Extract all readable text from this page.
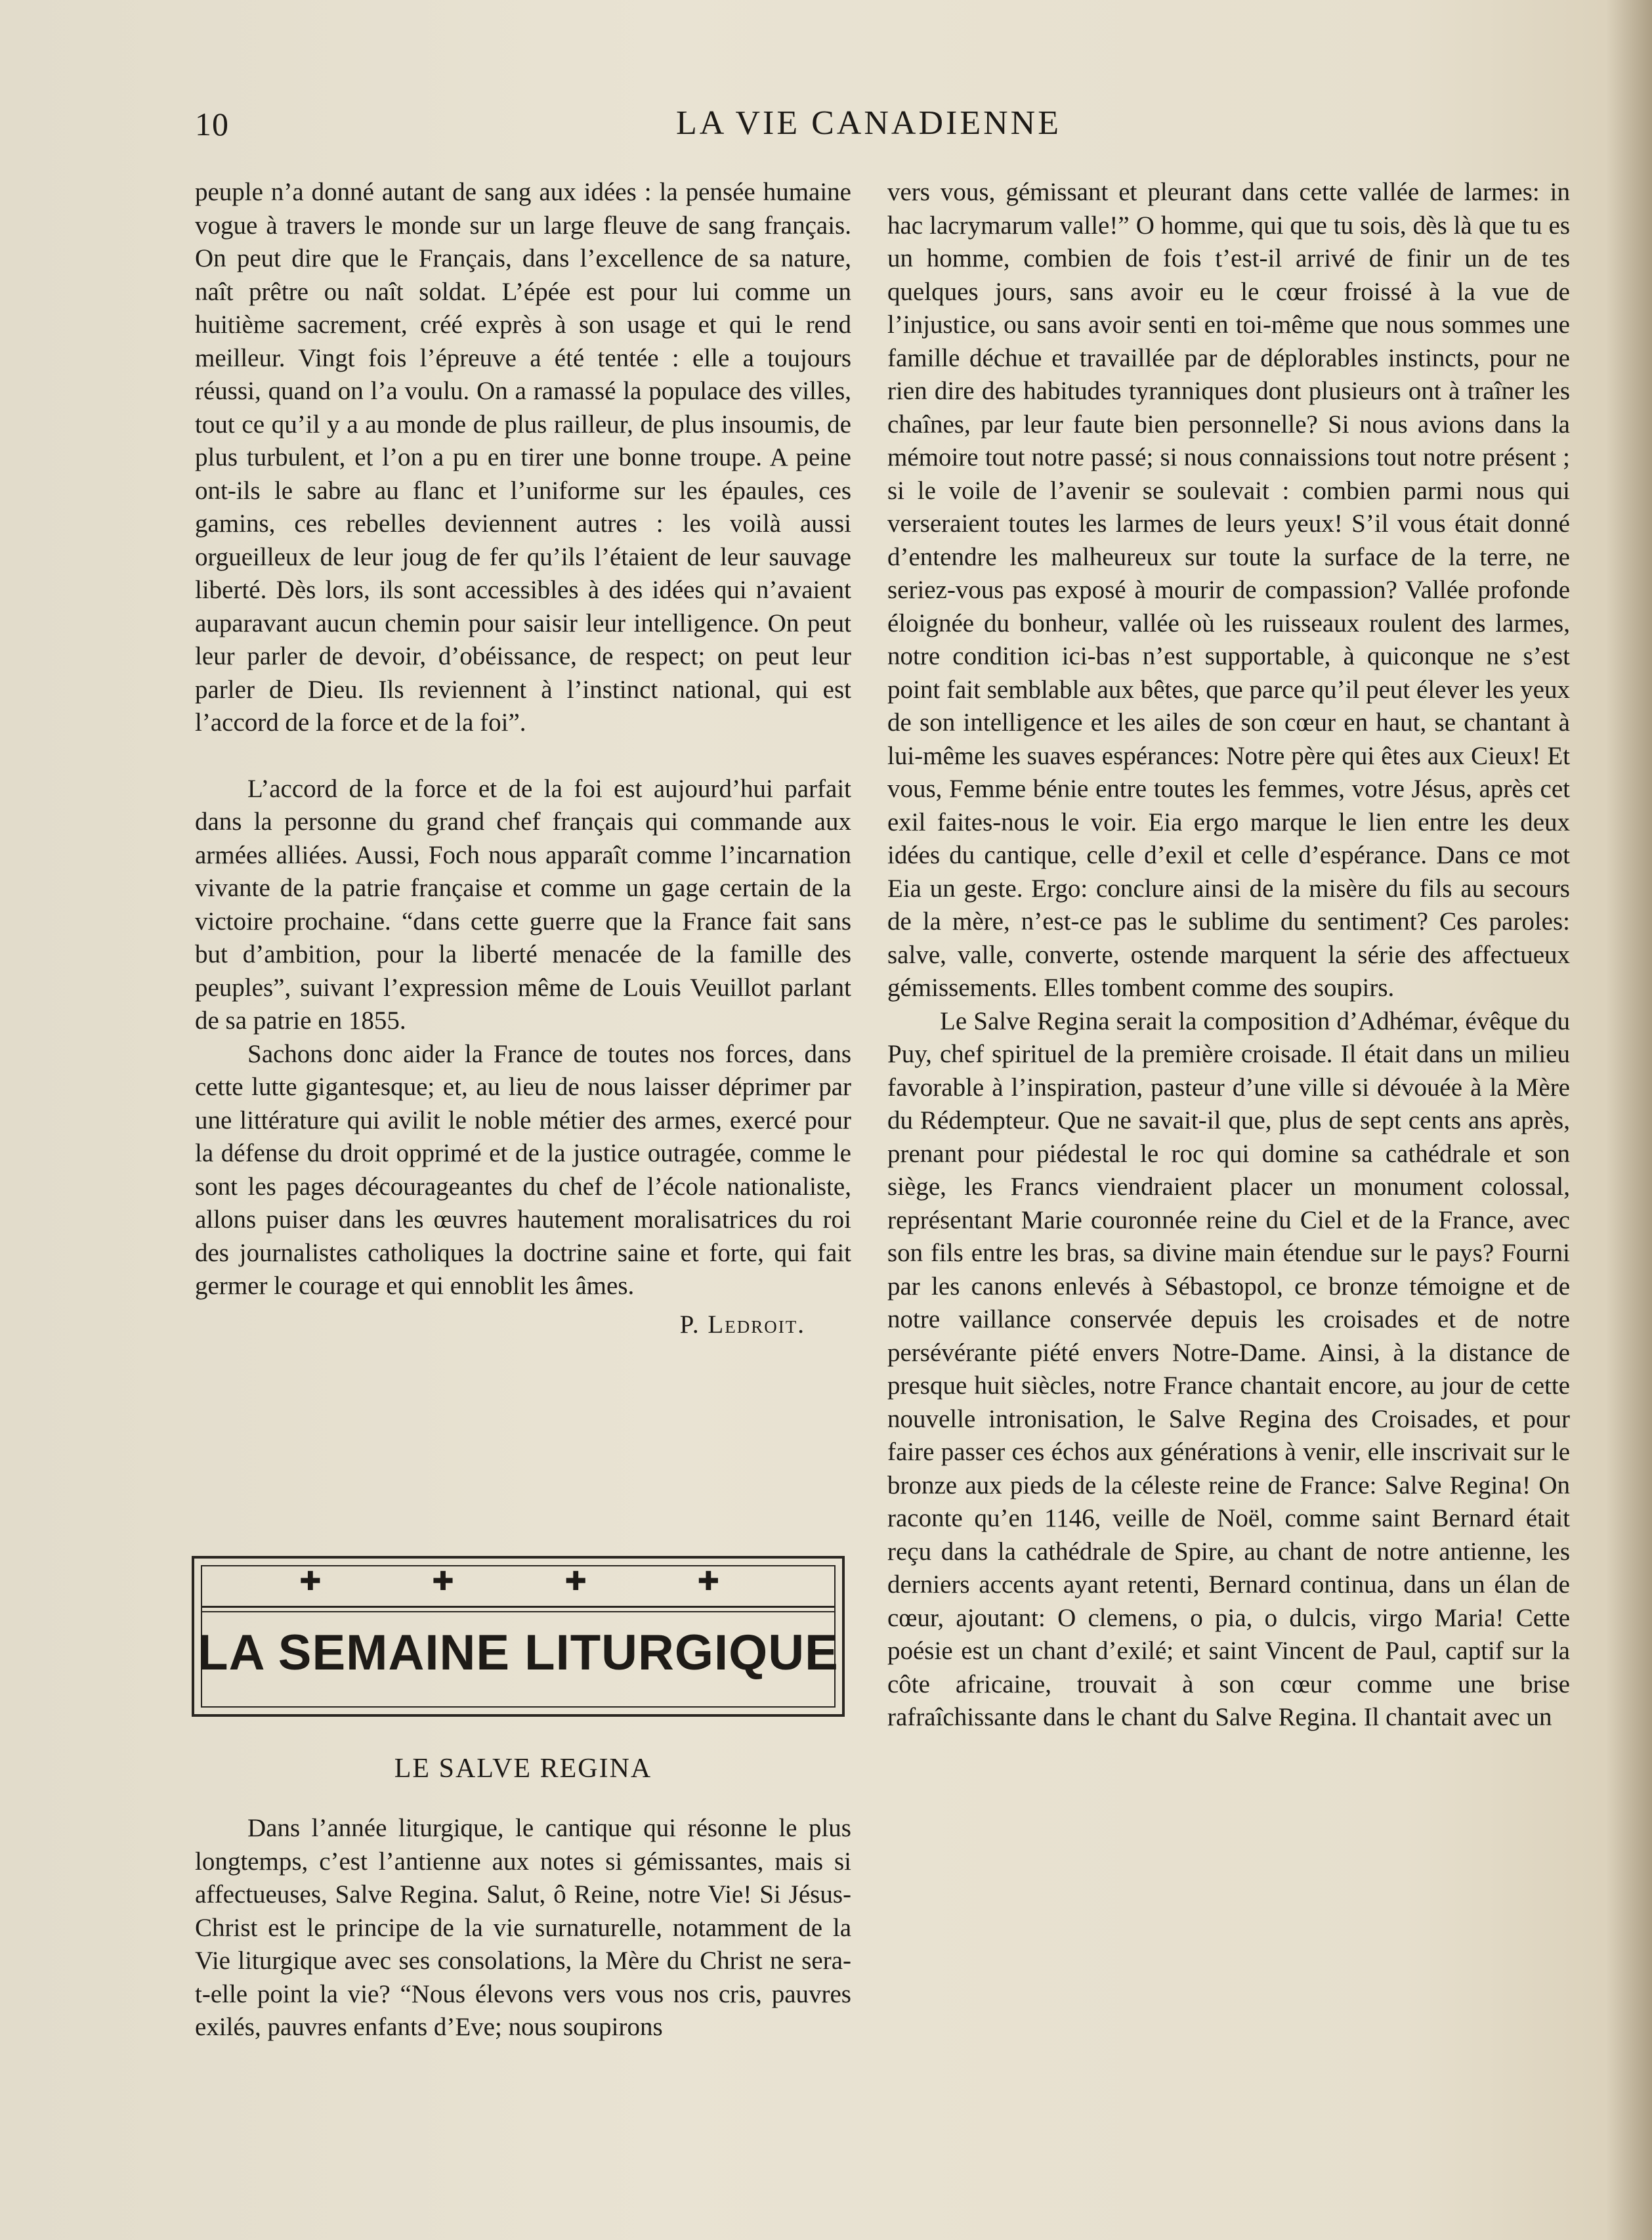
10	LA VIE CANADIENNE

peuple n’a donné autant de sang aux idées : la pensée humaine vogue à travers le monde sur un large fleuve de sang français. On peut dire que le Français, dans l’excellence de sa nature, naît prêtre ou naît soldat. L’épée est pour lui comme un huitième sacrement, créé exprès à son usage et qui le rend meilleur. Vingt fois l’épreuve a été tentée : elle a toujours réussi, quand on l’a voulu. On a ramassé la populace des villes, tout ce qu’il y a au monde de plus railleur, de plus insoumis, de plus turbulent, et l’on a pu en tirer une bonne troupe. A peine ont-ils le sabre au flanc et l’uniforme sur les épaules, ces gamins, ces rebelles deviennent autres : les voilà aussi orgueilleux de leur joug de fer qu’ils l’étaient de leur sauvage liberté. Dès lors, ils sont accessibles à des idées qui n’avaient auparavant aucun chemin pour saisir leur intelligence. On peut leur parler de devoir, d’obéissance, de respect; on peut leur parler de Dieu. Ils reviennent à l’instinct national, qui est l’accord de la force et de la foi”.

L’accord de la force et de la foi est aujourd’hui parfait dans la personne du grand chef français qui commande aux armées alliées. Aussi, Foch nous apparaît comme l’incarnation vivante de la patrie française et comme un gage certain de la victoire prochaine. “dans cette guerre que la France fait sans but d’ambition, pour la liberté menacée de la famille des peuples”, suivant l’expression même de Louis Veuillot parlant de sa patrie en 1855.

Sachons donc aider la France de toutes nos forces, dans cette lutte gigantesque; et, au lieu de nous laisser déprimer par une littérature qui avilit le noble métier des armes, exercé pour la défense du droit opprimé et de la justice outragée, comme le sont les pages décourageantes du chef de l’école nationaliste, allons puiser dans les œuvres hautement moralisatrices du roi des journalistes catholiques la doctrine saine et forte, qui fait germer le courage et qui ennoblit les âmes.

P. Ledroit.

✚	✚	✚	✚
LA SEMAINE LITURGIQUE
LE SALVE REGINA

Dans l’année liturgique, le cantique qui résonne le plus longtemps, c’est l’antienne aux notes si gémissantes, mais si affectueuses, Salve Regina. Salut, ô Reine, notre Vie! Si Jésus-Christ est le principe de la vie surnaturelle, notamment de la Vie liturgique avec ses consolations, la Mère du Christ ne sera-t-elle point la vie? “Nous élevons vers vous nos cris, pauvres exilés, pauvres enfants d’Eve; nous soupirons

vers vous, gémissant et pleurant dans cette vallée de larmes: in hac lacrymarum valle!” O homme, qui que tu sois, dès là que tu es un homme, combien de fois t’est-il arrivé de finir un de tes quelques jours, sans avoir eu le cœur froissé à la vue de l’injustice, ou sans avoir senti en toi-même que nous sommes une famille déchue et travaillée par de déplorables instincts, pour ne rien dire des habitudes tyranniques dont plusieurs ont à traîner les chaînes, par leur faute bien personnelle? Si nous avions dans la mémoire tout notre passé; si nous connaissions tout notre présent ; si le voile de l’avenir se soulevait : combien parmi nous qui verseraient toutes les larmes de leurs yeux! S’il vous était donné d’entendre les malheureux sur toute la surface de la terre, ne seriez-vous pas exposé à mourir de compassion? Vallée profonde éloignée du bonheur, vallée où les ruisseaux roulent des larmes, notre condition ici-bas n’est supportable, à quiconque ne s’est point fait semblable aux bêtes, que parce qu’il peut élever les yeux de son intelligence et les ailes de son cœur en haut, se chantant à lui-même les suaves espérances: Notre père qui êtes aux Cieux! Et vous, Femme bénie entre toutes les femmes, votre Jésus, après cet exil faites-nous le voir. Eia ergo marque le lien entre les deux idées du cantique, celle d’exil et celle d’espérance. Dans ce mot Eia un geste. Ergo: conclure ainsi de la misère du fils au secours de la mère, n’est-ce pas le sublime du sentiment? Ces paroles: salve, valle, converte, ostende marquent la série des affectueux gémissements. Elles tombent comme des soupirs.

Le Salve Regina serait la composition d’Adhémar, évêque du Puy, chef spirituel de la première croisade. Il était dans un milieu favorable à l’inspiration, pasteur d’une ville si dévouée à la Mère du Rédempteur. Que ne savait-il que, plus de sept cents ans après, prenant pour piédestal le roc qui domine sa cathédrale et son siège, les Francs viendraient placer un monument colossal, représentant Marie couronnée reine du Ciel et de la France, avec son fils entre les bras, sa divine main étendue sur le pays? Fourni par les canons enlevés à Sébastopol, ce bronze témoigne et de notre vaillance conservée depuis les croisades et de notre persévérante piété envers Notre-Dame. Ainsi, à la distance de presque huit siècles, notre France chantait encore, au jour de cette nouvelle intronisation, le Salve Regina des Croisades, et pour faire passer ces échos aux générations à venir, elle inscrivait sur le bronze aux pieds de la céleste reine de France: Salve Regina! On raconte qu’en 1146, veille de Noël, comme saint Bernard était reçu dans la cathédrale de Spire, au chant de notre antienne, les derniers accents ayant retenti, Bernard continua, dans un élan de cœur, ajoutant: O clemens, o pia, o dulcis, virgo Maria! Cette poésie est un chant d’exilé; et saint Vincent de Paul, captif sur la côte africaine, trouvait à son cœur comme une brise rafraîchissante dans le chant du Salve Regina. Il chantait avec un
